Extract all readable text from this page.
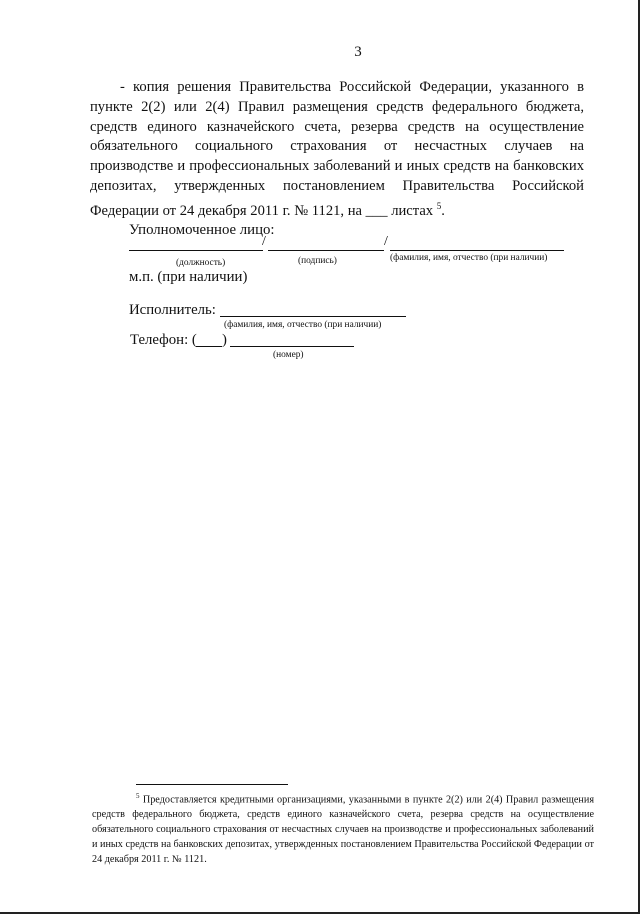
3

- копия решения Правительства Российской Федерации, указанного в пункте 2(2) или 2(4) Правил размещения средств федерального бюджета, средств единого казначейского счета, резерва средств на осуществление обязательного социального страхования от несчастных случаев на производстве и профессиональных заболеваний и иных средств на банковских депозитах, утвержденных постановлением Правительства Российской Федерации от 24 декабря 2011 г. № 1121, на ___ листах $^5$.

Уполномоченное лицо:
/	/
(должность)	(подпись)	(фамилия, имя, отчество (при наличии)
м.п. (при наличии)
Исполнитель:
(фамилия, имя, отчество (при наличии)
Телефон: ( )
(номер)

$^5$ Предоставляется кредитными организациями, указанными в пункте 2(2) или 2(4) Правил размещения средств федерального бюджета, средств единого казначейского счета, резерва средств на осуществление обязательного социального страхования от несчастных случаев на производстве и профессиональных заболеваний и иных средств на банковских депозитах, утвержденных постановлением Правительства Российской Федерации от 24 декабря 2011 г. № 1121.
